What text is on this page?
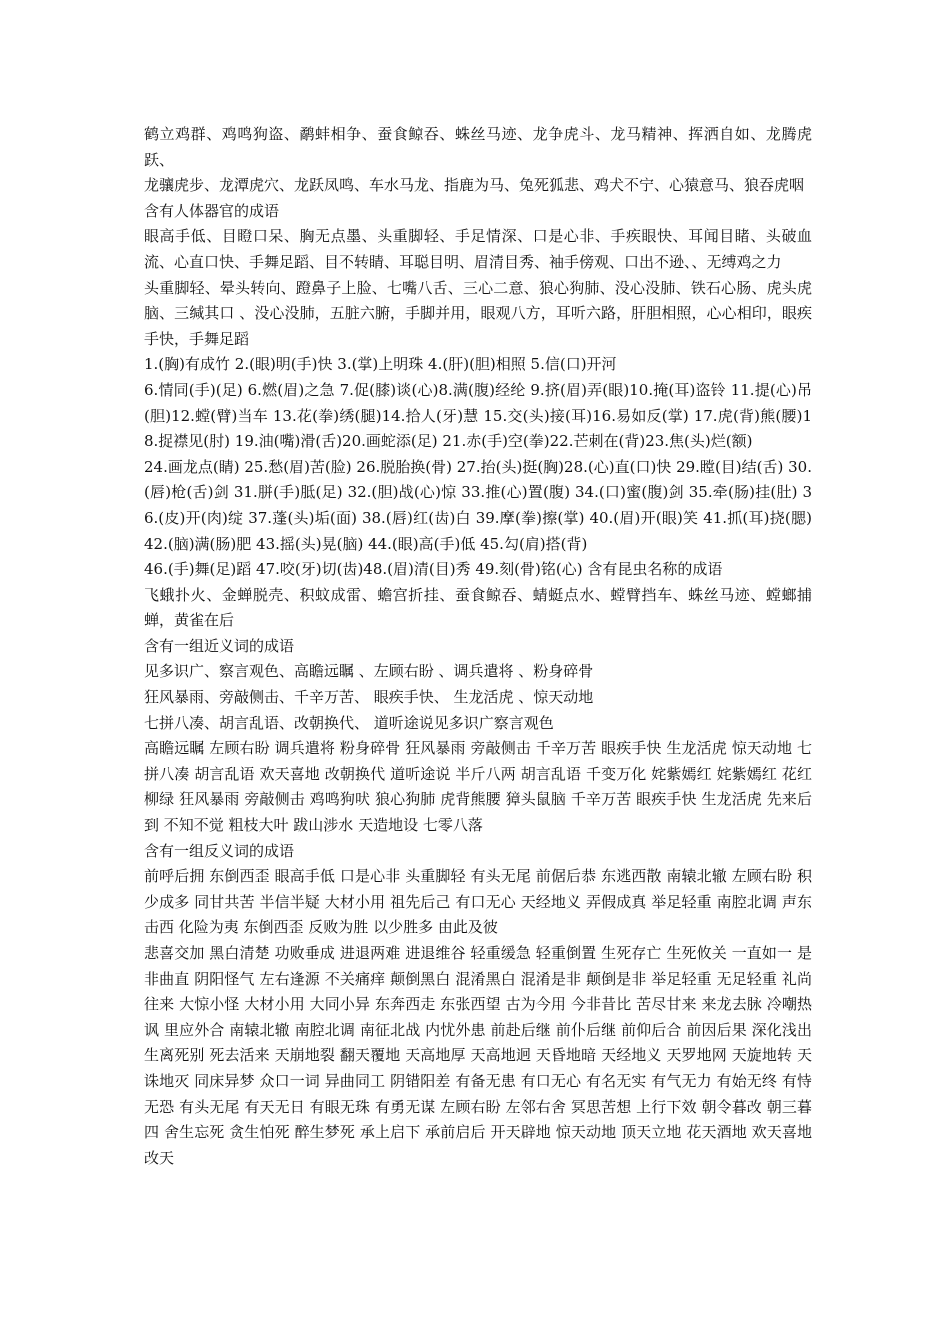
鹤立鸡群、鸡鸣狗盗、鹬蚌相争、蚕食鲸吞、蛛丝马迹、龙争虎斗、龙马精神、挥洒自如、龙腾虎跃、

龙骧虎步、龙潭虎穴、龙跃凤鸣、车水马龙、指鹿为马、兔死狐悲、鸡犬不宁、心猿意马、狼吞虎咽

含有人体器官的成语

眼高手低、目瞪口呆、胸无点墨、头重脚轻、手足情深、口是心非、手疾眼快、耳闻目睹、头破血流、心直口快、手舞足蹈、目不转睛、耳聪目明、眉清目秀、袖手傍观、口出不逊、、无缚鸡之力

头重脚轻、晕头转向、蹬鼻子上脸、七嘴八舌、三心二意、狼心狗肺、没心没肺、铁石心肠、虎头虎脑、三缄其口 、没心没肺，五脏六腑，手脚并用，眼观八方，耳听六路，肝胆相照，心心相印，眼疾手快，手舞足蹈

1.(胸)有成竹 2.(眼)明(手)快 3.(掌)上明珠 4.(肝)(胆)相照 5.信(口)开河

6.情同(手)(足) 6.燃(眉)之急 7.促(膝)谈(心)8.满(腹)经纶 9.挤(眉)弄(眼)10.掩(耳)盗铃 11.提(心)吊(胆)12.螳(臂)当车 13.花(拳)绣(腿)14.拾人(牙)慧 15.交(头)接(耳)16.易如反(掌) 17.虎(背)熊(腰)18.捉襟见(肘) 19.油(嘴)滑(舌)20.画蛇添(足) 21.赤(手)空(拳)22.芒刺在(背)23.焦(头)烂(额)

24.画龙点(睛) 25.愁(眉)苦(脸) 26.脱胎换(骨) 27.抬(头)挺(胸)28.(心)直(口)快 29.瞠(目)结(舌) 30.(唇)枪(舌)剑 31.胼(手)胝(足) 32.(胆)战(心)惊 33.推(心)置(腹) 34.(口)蜜(腹)剑 35.牵(肠)挂(肚) 36.(皮)开(肉)绽 37.蓬(头)垢(面) 38.(唇)红(齿)白 39.摩(拳)擦(掌) 40.(眉)开(眼)笑 41.抓(耳)挠(腮) 42.(脑)满(肠)肥 43.摇(头)晃(脑) 44.(眼)高(手)低 45.勾(肩)搭(背)

46.(手)舞(足)蹈 47.咬(牙)切(齿)48.(眉)清(目)秀 49.刻(骨)铭(心) 含有昆虫名称的成语

飞蛾扑火、金蝉脱壳、积蚊成雷、蟾宫折挂、蚕食鲸吞、蜻蜓点水、螳臂挡车、蛛丝马迹、螳螂捕蝉，黄雀在后

含有一组近义词的成语

见多识广、察言观色、高瞻远瞩 、左顾右盼 、调兵遣将 、粉身碎骨

狂风暴雨、旁敲侧击、千辛万苦、 眼疾手快、 生龙活虎 、惊天动地

七拼八凑、胡言乱语、改朝换代、 道听途说见多识广察言观色

高瞻远瞩 左顾右盼 调兵遣将 粉身碎骨 狂风暴雨 旁敲侧击 千辛万苦 眼疾手快 生龙活虎 惊天动地 七拼八凑 胡言乱语 欢天喜地 改朝换代 道听途说 半斤八两 胡言乱语 千变万化 姹紫嫣红 姹紫嫣红 花红柳绿 狂风暴雨 旁敲侧击 鸡鸣狗吠 狼心狗肺 虎背熊腰 獐头鼠脑 千辛万苦 眼疾手快 生龙活虎 先来后到 不知不觉 粗枝大叶 跋山涉水 天造地设 七零八落

含有一组反义词的成语

前呼后拥 东倒西歪 眼高手低 口是心非 头重脚轻 有头无尾 前倨后恭 东逃西散 南辕北辙 左顾右盼 积少成多 同甘共苦 半信半疑 大材小用 祖先后己 有口无心 天经地义 弄假成真 举足轻重 南腔北调 声东击西 化险为夷 东倒西歪 反败为胜 以少胜多 由此及彼

悲喜交加 黑白清楚 功败垂成 进退两难 进退维谷 轻重缓急 轻重倒置 生死存亡 生死攸关 一直如一 是非曲直 阴阳怪气 左右逢源 不关痛痒 颠倒黑白 混淆黑白 混淆是非 颠倒是非 举足轻重 无足轻重 礼尚往来 大惊小怪 大材小用 大同小异 东奔西走 东张西望 古为今用 今非昔比 苦尽甘来 来龙去脉 冷嘲热讽 里应外合 南辕北辙 南腔北调 南征北战 内忧外患 前赴后继 前仆后继 前仰后合 前因后果 深化浅出 生离死别 死去活来 天崩地裂 翻天覆地 天高地厚 天高地迥 天昏地暗 天经地义 天罗地网 天旋地转 天诛地灭 同床异梦 众口一词 异曲同工 阴错阳差 有备无患 有口无心 有名无实 有气无力 有始无终 有恃无恐 有头无尾 有天无日 有眼无珠 有勇无谋 左顾右盼 左邻右舍 冥思苦想 上行下效 朝令暮改 朝三暮四 舍生忘死 贪生怕死 醉生梦死 承上启下 承前启后 开天辟地 惊天动地 顶天立地 花天酒地 欢天喜地 改天
